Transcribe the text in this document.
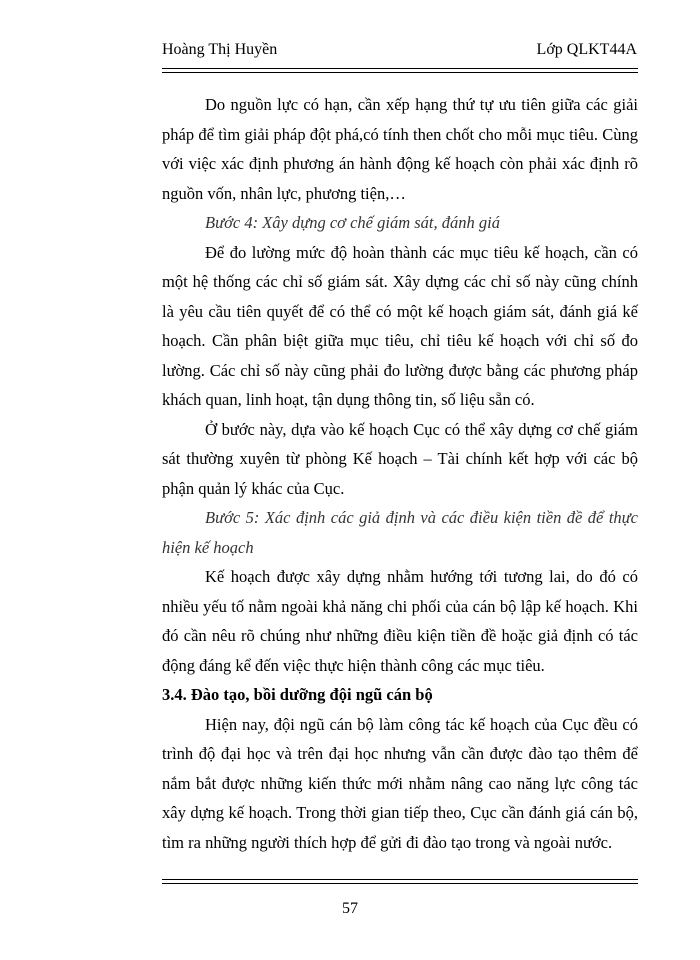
Hoàng Thị Huyền	Lớp QLKT44A

Do nguồn lực có hạn, cần xếp hạng thứ tự ưu tiên giữa các giải pháp để tìm giải pháp đột phá,có tính then chốt cho mỗi mục tiêu. Cùng với việc xác định phương án hành động kế hoạch còn phải xác định rõ nguồn vốn, nhân lực, phương tiện,…

Bước 4: Xây dựng cơ chế giám sát, đánh giá

Để đo lường mức độ hoàn thành các mục tiêu kế hoạch, cần có một hệ thống các chỉ số giám sát. Xây dựng các chỉ số này cũng chính là yêu cầu tiên quyết để có thể có một kế hoạch giám sát, đánh giá kế hoạch. Cần phân biệt giữa mục tiêu, chỉ tiêu kế hoạch với chỉ số đo lường. Các chỉ số này cũng phải đo lường được bằng các phương pháp khách quan, linh hoạt, tận dụng thông tin, số liệu sẵn có.

Ở bước này, dựa vào kế hoạch Cục có thể xây dựng cơ chế giám sát thường xuyên từ phòng Kế hoạch – Tài chính kết hợp với các bộ phận quản lý khác của Cục.

Bước 5: Xác định các giả định và các điều kiện tiền đề để thực hiện kế hoạch

Kế hoạch được xây dựng nhằm hướng tới tương lai, do đó có nhiều yếu tố nằm ngoài khả năng chi phối của cán bộ lập kế hoạch. Khi đó cần nêu rõ chúng như những điều kiện tiền đề hoặc giả định có tác động đáng kể đến việc thực hiện thành công các mục tiêu.

3.4. Đào tạo, bồi dưỡng đội ngũ cán bộ

Hiện nay, đội ngũ cán bộ làm công tác kế hoạch của Cục đều có trình độ đại học và trên đại học nhưng vẫn cần được đào tạo thêm để nắm bắt được những kiến thức mới nhằm nâng cao năng lực công tác xây dựng kế hoạch. Trong thời gian tiếp theo, Cục cần đánh giá cán bộ, tìm ra những người thích hợp để gửi đi đào tạo trong và ngoài nước.

57
